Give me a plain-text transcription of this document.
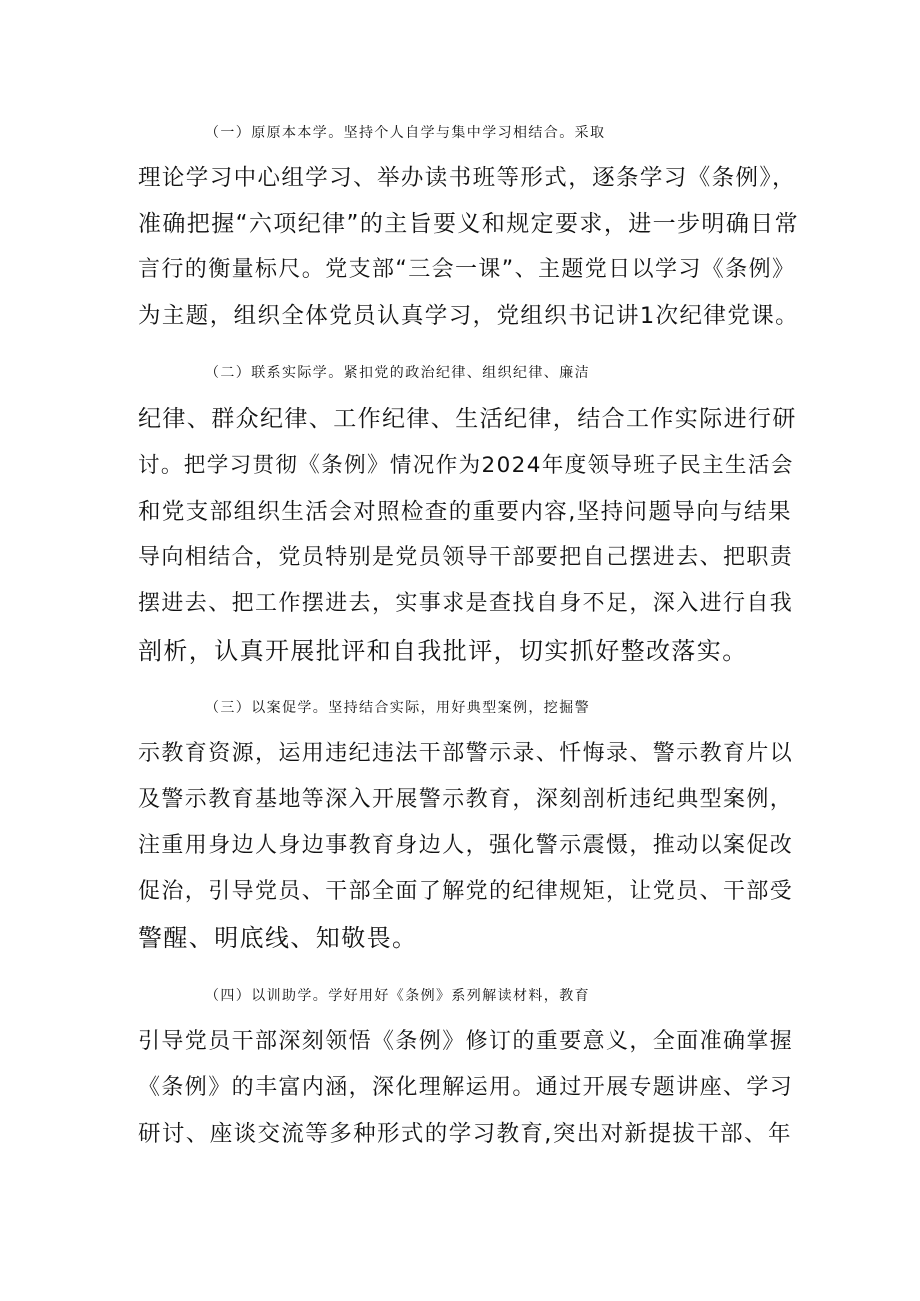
（一）原原本本学。坚持个人自学与集中学习相结合。采取
理论学习中心组学习、举办读书班等形式，逐条学习《条例》，
准确把握“六项纪律”的主旨要义和规定要求，进一步明确日常
言行的衡量标尺。党支部“三会一课”、主题党日以学习《条例》
为主题，组织全体党员认真学习，党组织书记讲1次纪律党课。
（二）联系实际学。紧扣党的政治纪律、组织纪律、廉洁
纪律、群众纪律、工作纪律、生活纪律，结合工作实际进行研
讨。把学习贯彻《条例》情况作为2024年度领导班子民主生活会
和党支部组织生活会对照检查的重要内容,坚持问题导向与结果
导向相结合，党员特别是党员领导干部要把自己摆进去、把职责
摆进去、把工作摆进去，实事求是查找自身不足，深入进行自我
剖析，认真开展批评和自我批评，切实抓好整改落实。
（三）以案促学。坚持结合实际，用好典型案例，挖掘警
示教育资源，运用违纪违法干部警示录、忏悔录、警示教育片以
及警示教育基地等深入开展警示教育，深刻剖析违纪典型案例，
注重用身边人身边事教育身边人，强化警示震慑，推动以案促改
促治，引导党员、干部全面了解党的纪律规矩，让党员、干部受
警醒、明底线、知敬畏。
（四）以训助学。学好用好《条例》系列解读材料，教育
引导党员干部深刻领悟《条例》修订的重要意义，全面准确掌握
《条例》的丰富内涵，深化理解运用。通过开展专题讲座、学习
研讨、座谈交流等多种形式的学习教育,突出对新提拔干部、年
